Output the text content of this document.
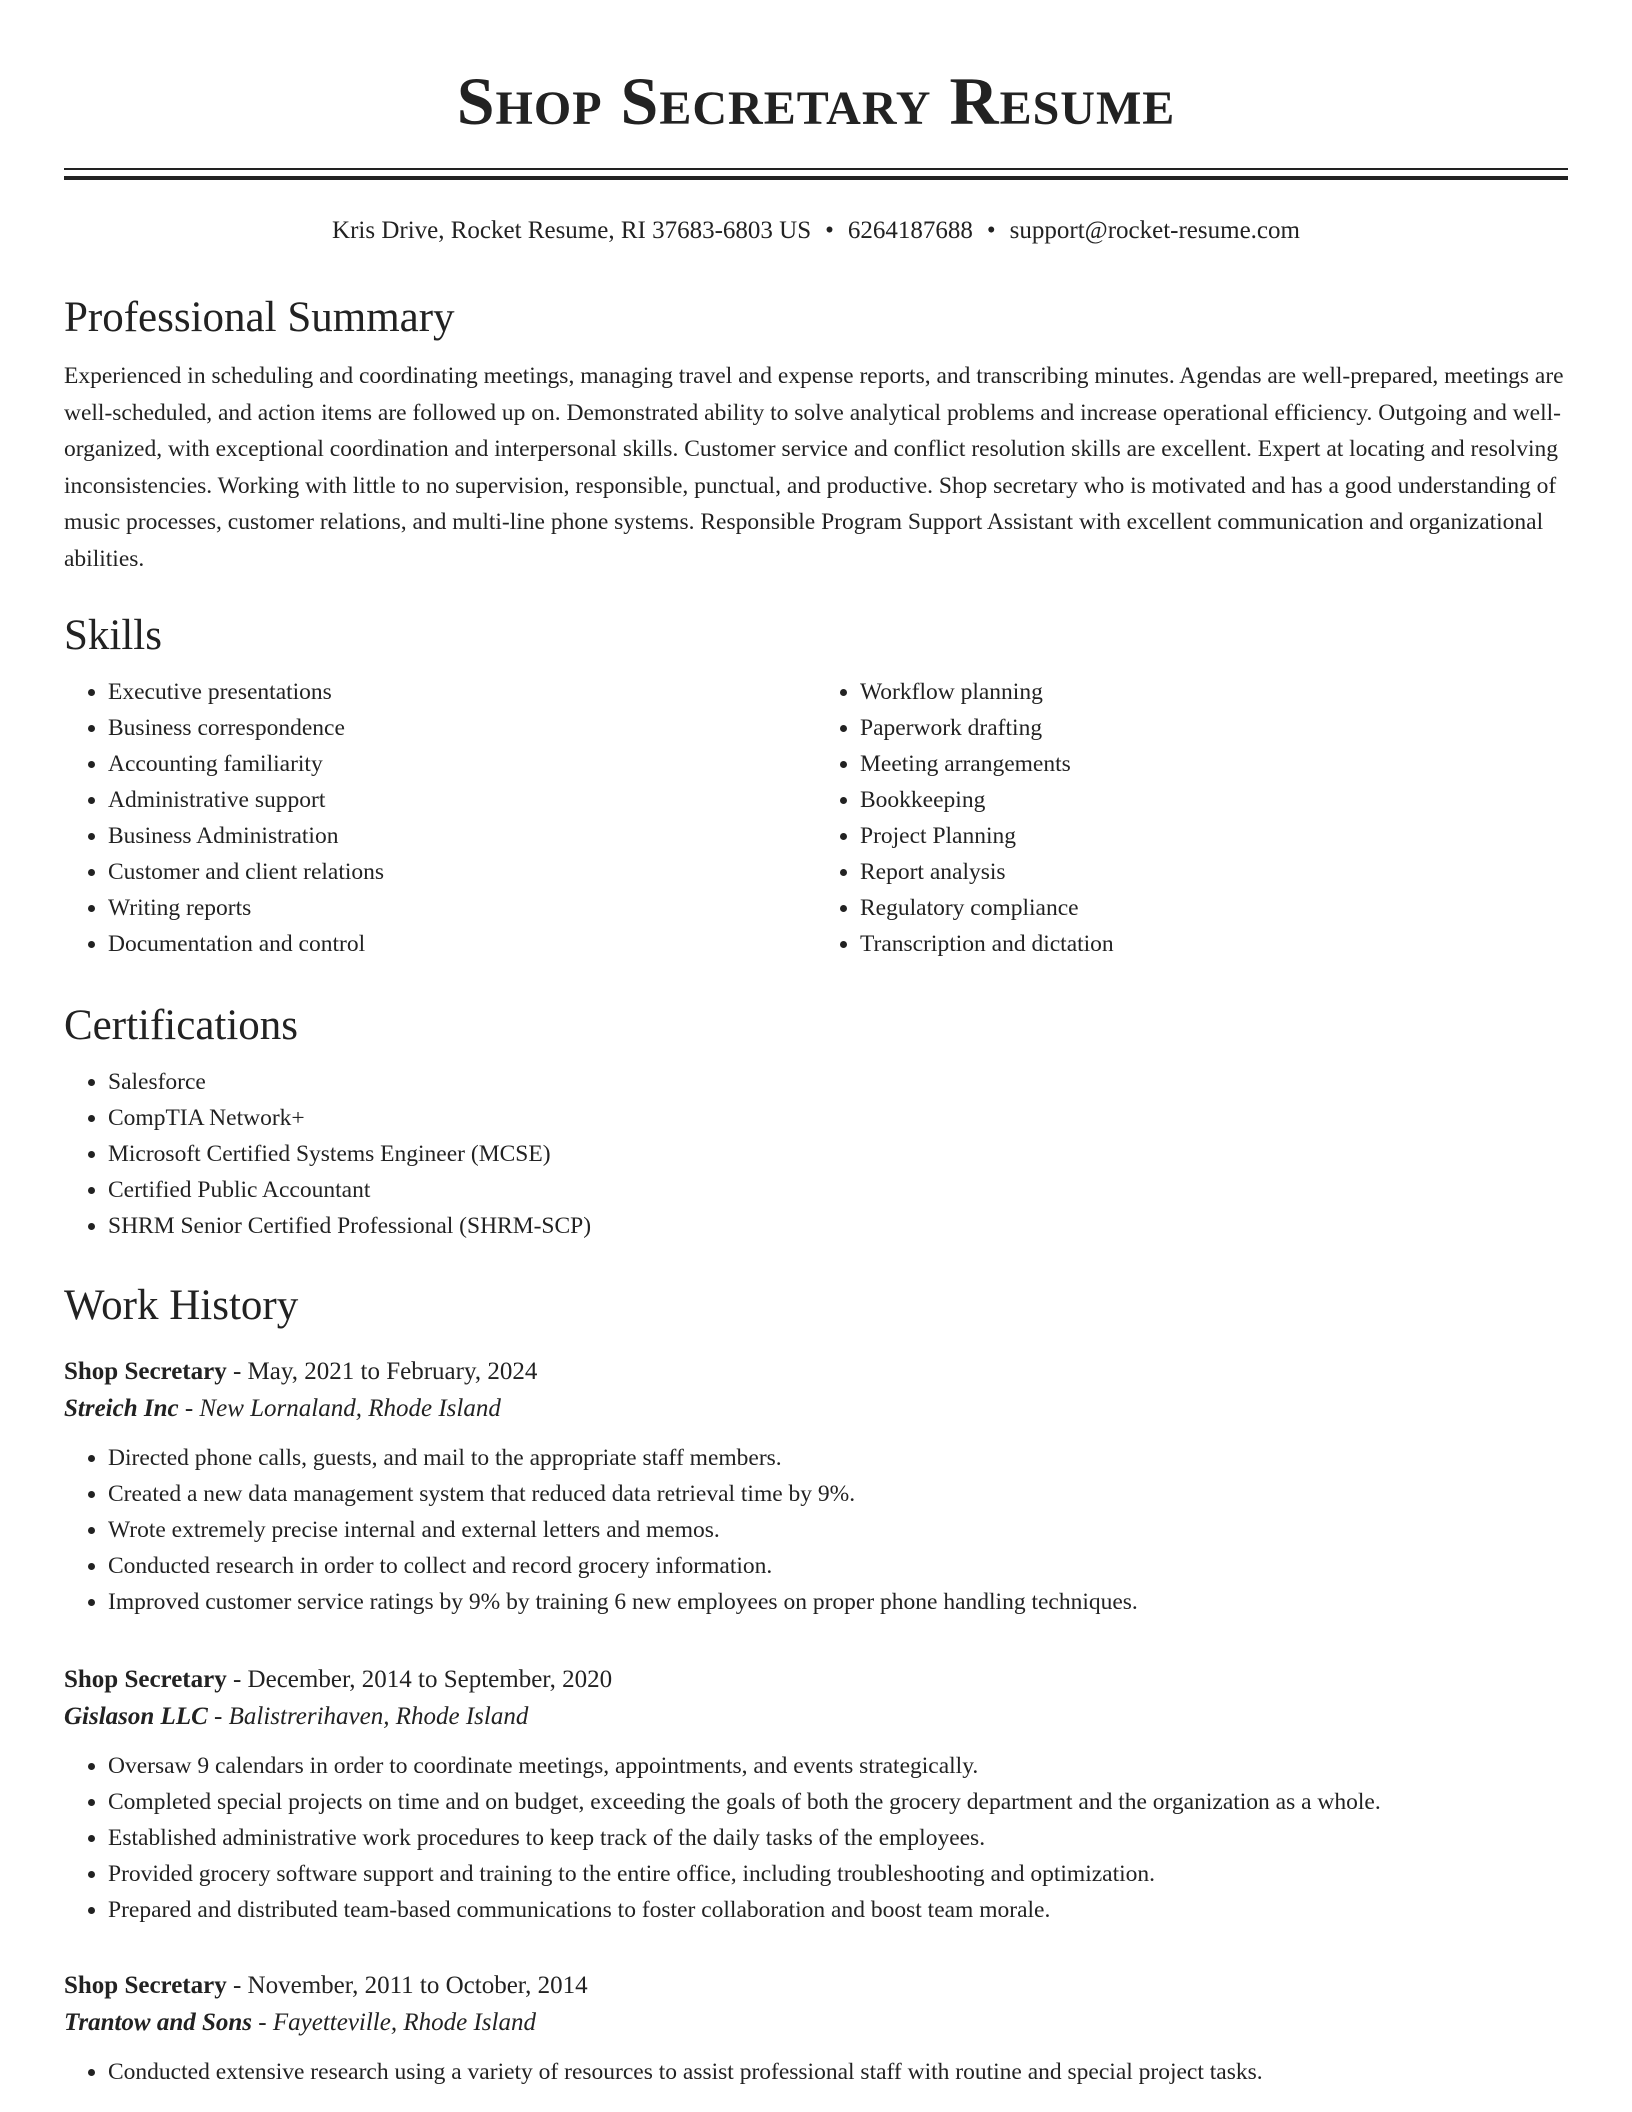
Shop Secretary Resume
Kris Drive, Rocket Resume, RI 37683-6803 US • 6264187688 • support@rocket-resume.com
Professional Summary

Experienced in scheduling and coordinating meetings, managing travel and expense reports, and transcribing minutes. Agendas are well-prepared, meetings are well-scheduled, and action items are followed up on. Demonstrated ability to solve analytical problems and increase operational efficiency. Outgoing and well-organized, with exceptional coordination and interpersonal skills. Customer service and conflict resolution skills are excellent. Expert at locating and resolving inconsistencies. Working with little to no supervision, responsible, punctual, and productive. Shop secretary who is motivated and has a good understanding of music processes, customer relations, and multi-line phone systems. Responsible Program Support Assistant with excellent communication and organizational abilities.

Skills
• Executive presentations
• Business correspondence
• Accounting familiarity
• Administrative support
• Business Administration
• Customer and client relations
• Writing reports
• Documentation and control
• Workflow planning
• Paperwork drafting
• Meeting arrangements
• Bookkeeping
• Project Planning
• Report analysis
• Regulatory compliance
• Transcription and dictation
Certifications
• Salesforce
• CompTIA Network+
• Microsoft Certified Systems Engineer (MCSE)
• Certified Public Accountant
• SHRM Senior Certified Professional (SHRM-SCP)
Work History
Shop Secretary - May, 2021 to February, 2024
Streich Inc - New Lornaland, Rhode Island
• Directed phone calls, guests, and mail to the appropriate staff members.
• Created a new data management system that reduced data retrieval time by 9%.
• Wrote extremely precise internal and external letters and memos.
• Conducted research in order to collect and record grocery information.
• Improved customer service ratings by 9% by training 6 new employees on proper phone handling techniques.
Shop Secretary - December, 2014 to September, 2020
Gislason LLC - Balistrerihaven, Rhode Island
• Oversaw 9 calendars in order to coordinate meetings, appointments, and events strategically.
• Completed special projects on time and on budget, exceeding the goals of both the grocery department and the organization as a whole.
• Established administrative work procedures to keep track of the daily tasks of the employees.
• Provided grocery software support and training to the entire office, including troubleshooting and optimization.
• Prepared and distributed team-based communications to foster collaboration and boost team morale.
Shop Secretary - November, 2011 to October, 2014
Trantow and Sons - Fayetteville, Rhode Island
• Conducted extensive research using a variety of resources to assist professional staff with routine and special project tasks.
